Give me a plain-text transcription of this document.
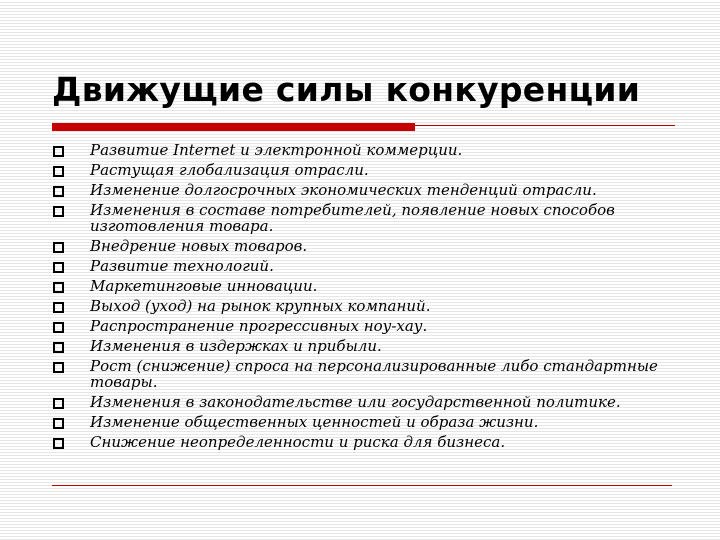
Движущие силы конкуренции
Развитие Internet и электронной коммерции.
Растущая глобализация отрасли.
Изменение долгосрочных экономических тенденций отрасли.
Изменения в составе потребителей, появление новых способов изготовления товара.
Внедрение новых товаров.
Развитие технологий.
Маркетинговые инновации.
Выход (уход) на рынок крупных компаний.
Распространение прогрессивных ноу-хау.
Изменения в издержках и прибыли.
Рост (снижение) спроса на персонализированные либо стандартные товары.
Изменения в законодательстве или государственной политике.
Изменение общественных ценностей и образа жизни.
Снижение неопределенности и риска для бизнеса.
